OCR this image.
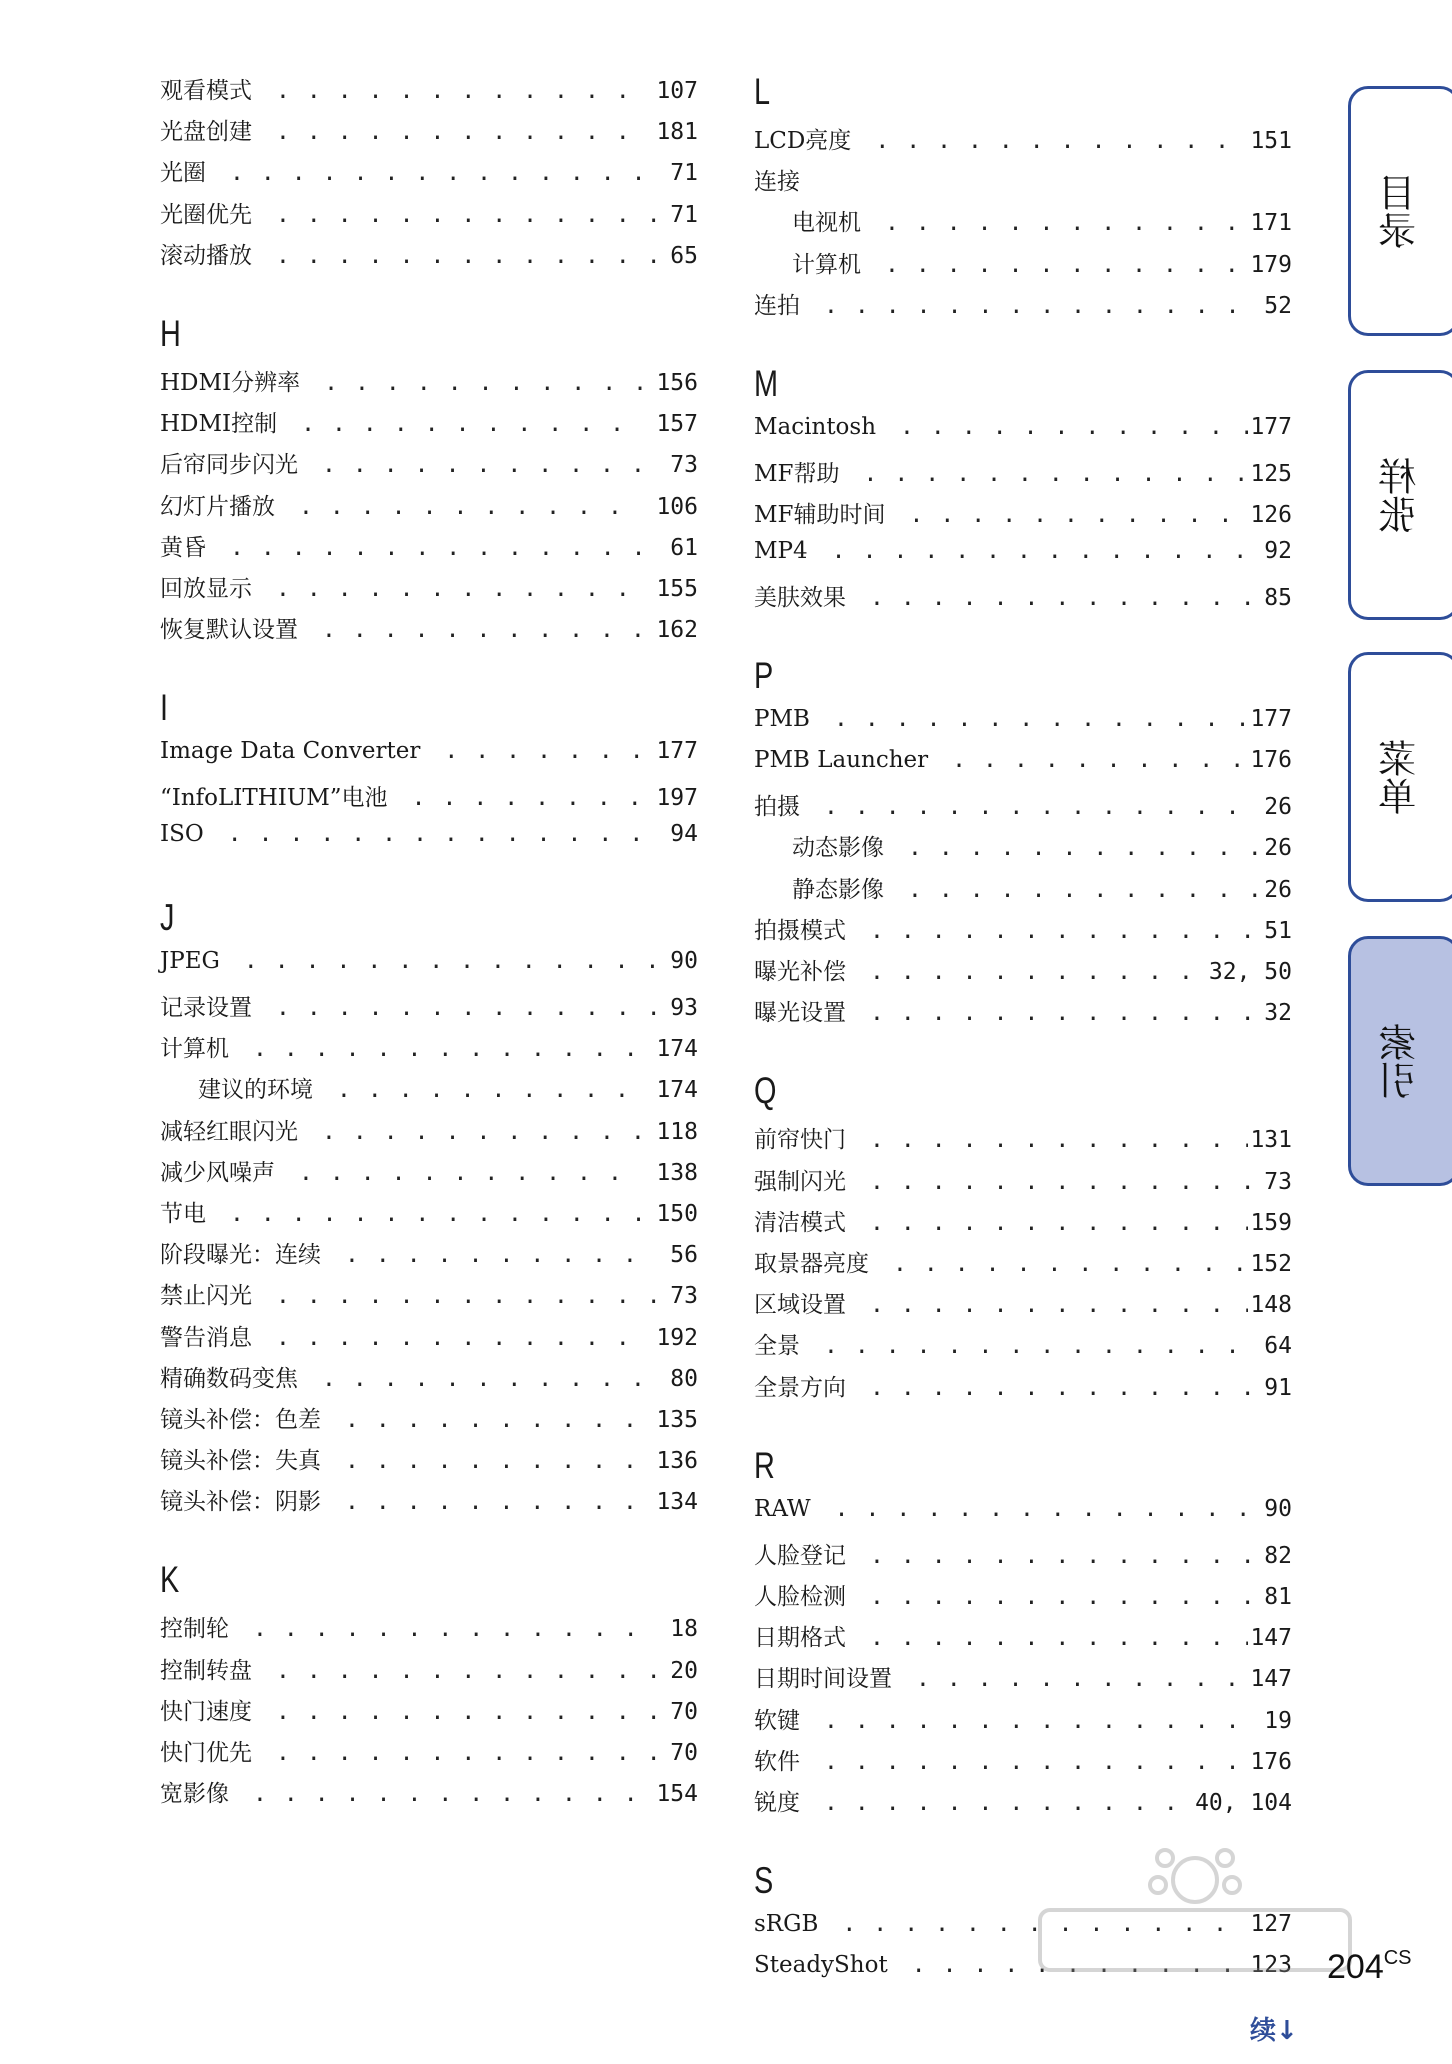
观看模式 . . .	107
光盘创建 . . .	181
光圈 . . .	71
光圈优先 . . .	71
滚动播放 . . .	65
H
HDMI分辨率 . . .	156
HDMI控制 . . .	157
后帘同步闪光 . . .	73
幻灯片播放 . . .	106
黄昏 . . .	61
回放显示 . . .	155
恢复默认设置 . . .	162
I
Image Data Converter . . .	177
“InfoLITHIUM”电池 . . .	197
ISO . . .	94
J
JPEG . . .	90
记录设置 . . .	93
计算机 . . .	174
建议的环境 . . .	174
减轻红眼闪光 . . .	118
减少风噪声 . . .	138
节电 . . .	150
阶段曝光：连续 . . .	56
禁止闪光 . . .	73
警告消息 . . .	192
精确数码变焦 . . .	80
镜头补偿：色差 . . .	135
镜头补偿：失真 . . .	136
镜头补偿：阴影 . . .	134
K
控制轮 . . .	18
控制转盘 . . .	20
快门速度 . . .	70
快门优先 . . .	70
宽影像 . . .	154
L
LCD亮度 . . .	151
连接
电视机 . . .	171
计算机 . . .	179
连拍 . . .	52
M
Macintosh . . .	177
MF帮助 . . .	125
MF辅助时间 . . .	126
MP4 . . .	92
美肤效果 . . .	85
P
PMB . . .	177
PMB Launcher . . .	176
拍摄 . . .	26
动态影像 . . .	26
静态影像 . . .	26
拍摄模式 . . .	51
曝光补偿 . . .	32, 50
曝光设置 . . .	32
Q
前帘快门 . . .	131
强制闪光 . . .	73
清洁模式 . . .	159
取景器亮度 . . .	152
区域设置 . . .	148
全景 . . .	64
全景方向 . . .	91
R
RAW . . .	90
人脸登记 . . .	82
人脸检测 . . .	81
日期格式 . . .	147
日期时间设置 . . .	147
软键 . . .	19
软件 . . .	176
锐度 . . .	40, 104
S
sRGB . . .	127
SteadyShot . . .	123
目录
样张
菜单
索引
$204^{CS}$
续↓
